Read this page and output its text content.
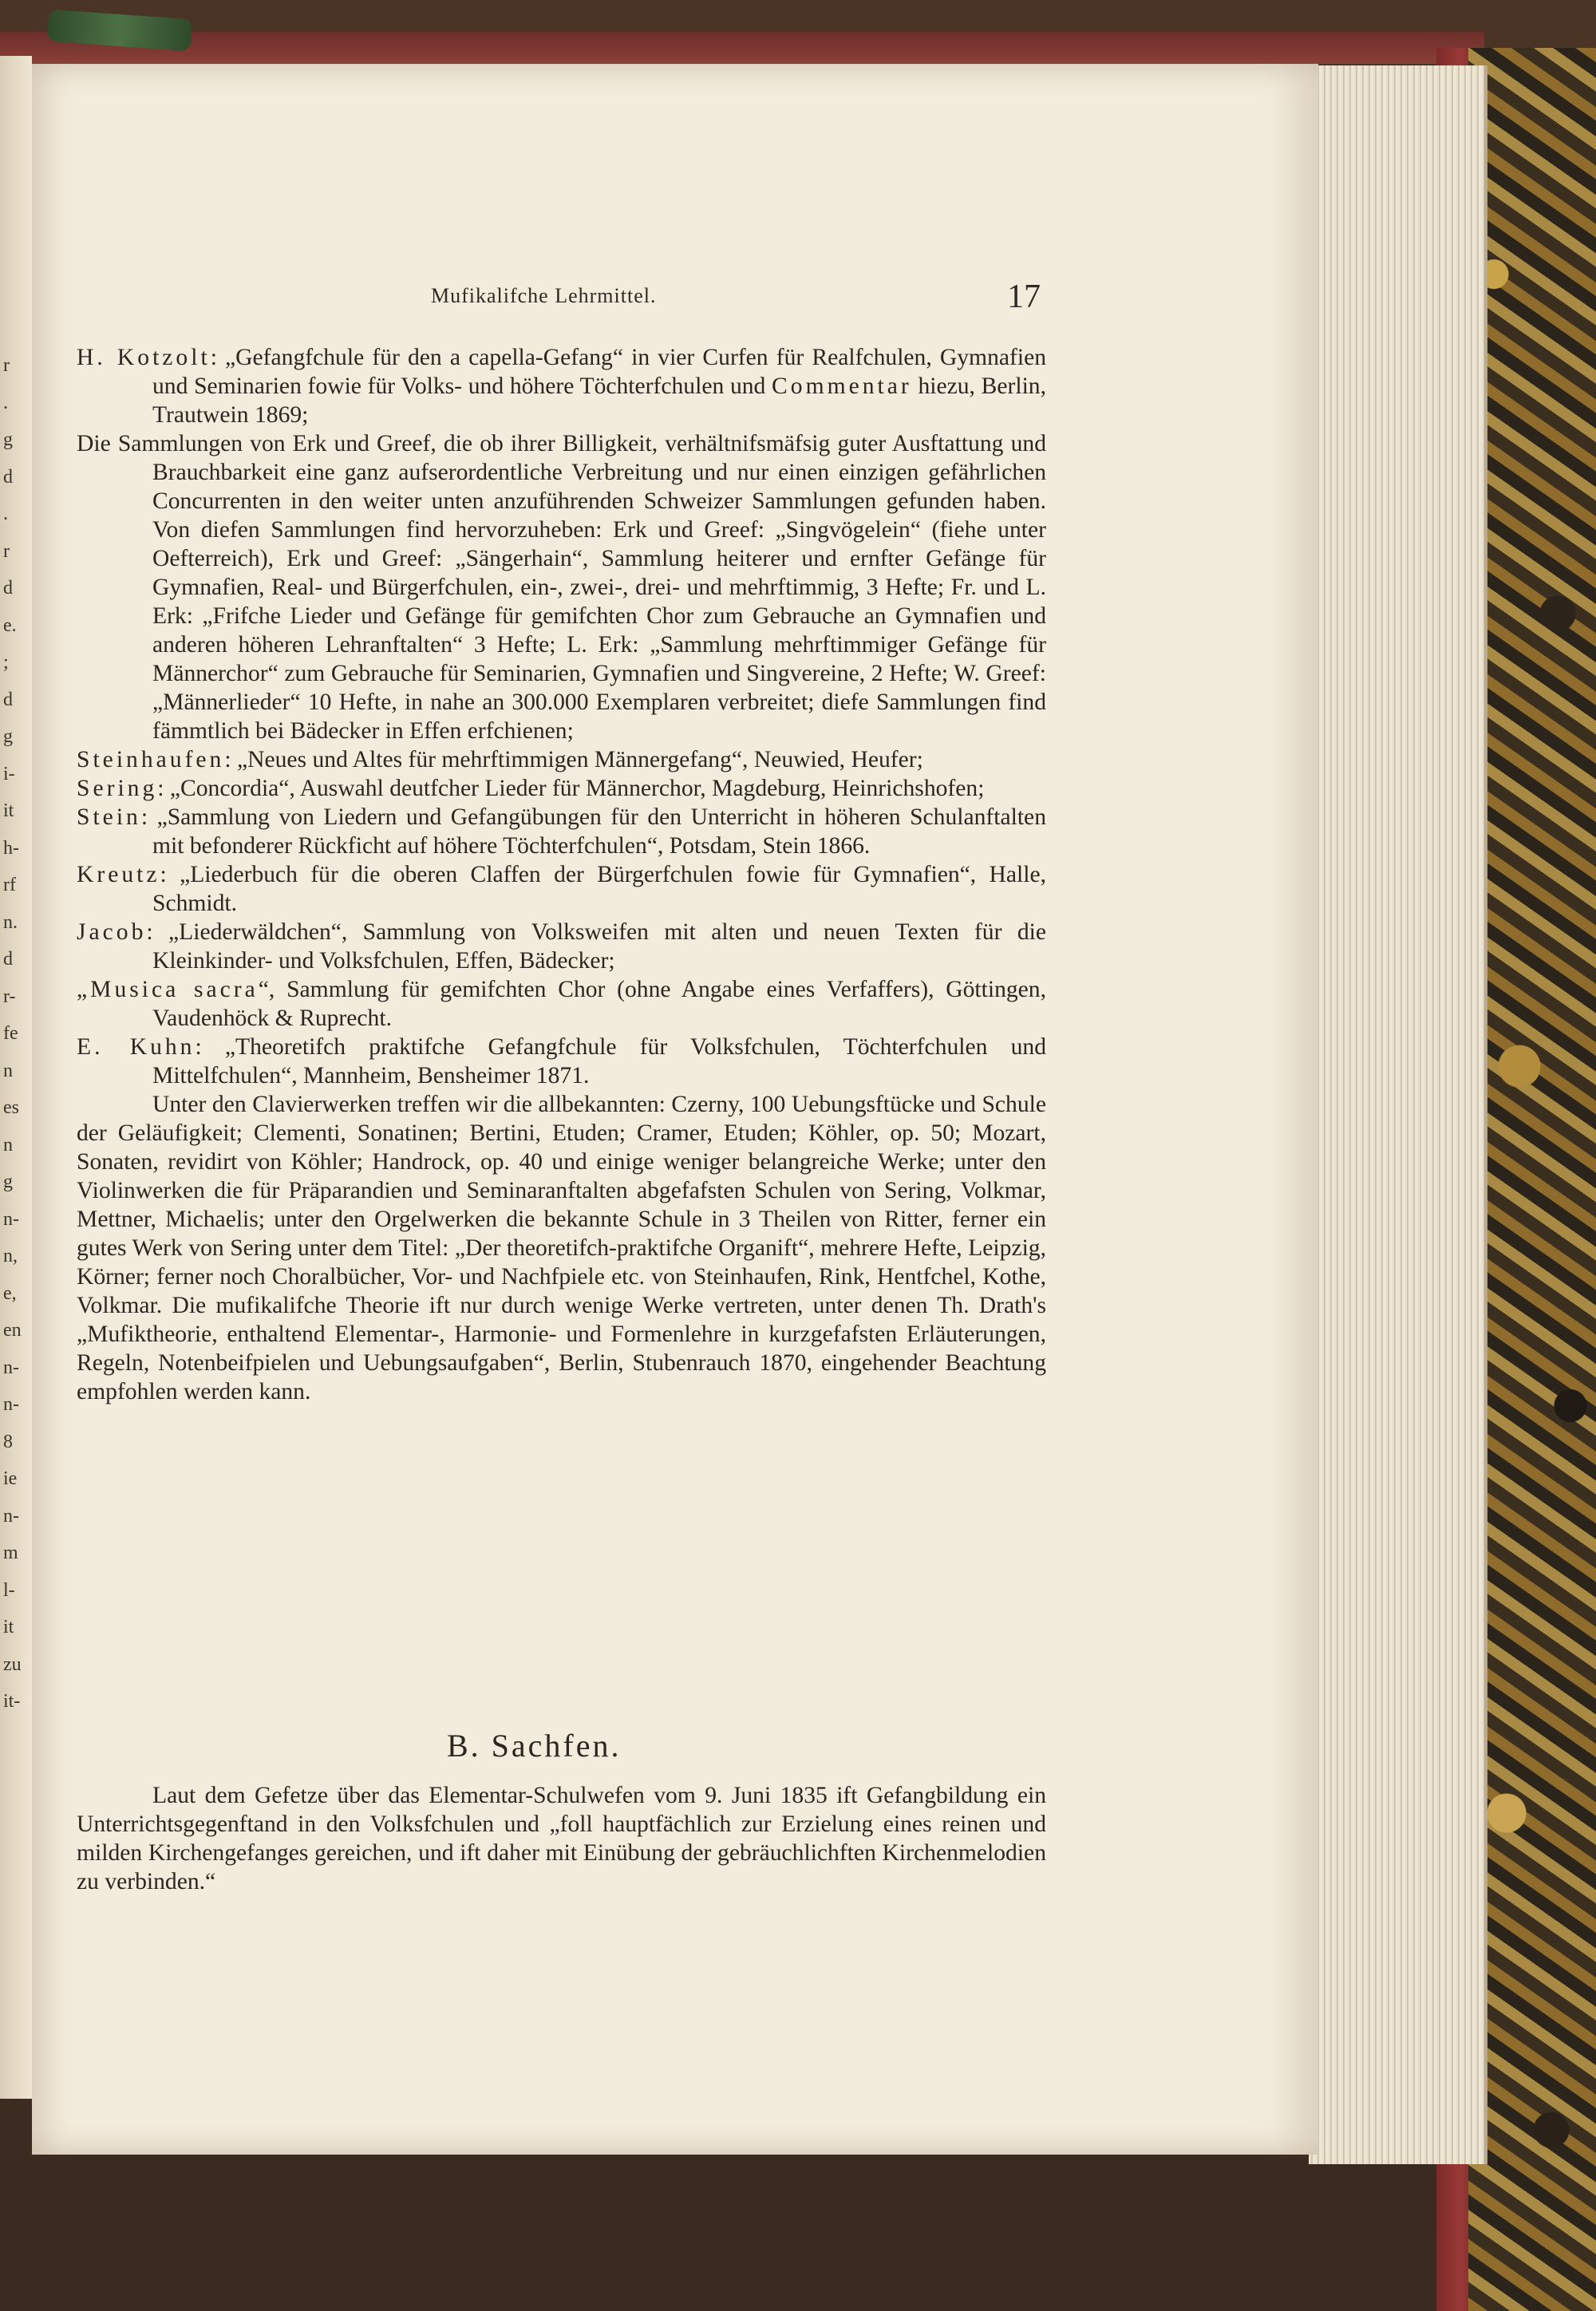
r
.
g
d
.
r
d
e.
;
d
g
i-
it
h-
rf
n.
d
r-
fe
n
es
n
g
n-
n,
e,
en
n-
n-
8
ie
n-
m
l-
it
zu
it-
Mufikalifche Lehrmittel.	17

H. Kotzolt: „Gefangfchule für den a capella-Gefang“ in vier Curfen für Realfchulen, Gymnafien und Seminarien fowie für Volks- und höhere Töchterfchulen und Commentar hiezu, Berlin, Trautwein 1869;

Die Sammlungen von Erk und Greef, die ob ihrer Billigkeit, verhältnifsmäfsig guter Ausftattung und Brauchbarkeit eine ganz aufserordentliche Verbreitung und nur einen einzigen gefährlichen Concurrenten in den weiter unten anzuführenden Schweizer Sammlungen gefunden haben. Von diefen Sammlungen find hervorzuheben: Erk und Greef: „Singvögelein“ (fiehe unter Oefterreich), Erk und Greef: „Sängerhain“, Sammlung heiterer und ernfter Gefänge für Gymnafien, Real- und Bürgerfchulen, ein-, zwei-, drei- und mehrftimmig, 3 Hefte; Fr. und L. Erk: „Frifche Lieder und Gefänge für gemifchten Chor zum Gebrauche an Gymnafien und anderen höheren Lehranftalten“ 3 Hefte; L. Erk: „Sammlung mehrftimmiger Gefänge für Männerchor“ zum Gebrauche für Seminarien, Gymnafien und Singvereine, 2 Hefte; W. Greef: „Männerlieder“ 10 Hefte, in nahe an 300.000 Exemplaren verbreitet; diefe Sammlungen find fämmtlich bei Bädecker in Effen erfchienen;

Steinhaufen: „Neues und Altes für mehrftimmigen Männergefang“, Neuwied, Heufer;

Sering: „Concordia“, Auswahl deutfcher Lieder für Männerchor, Magdeburg, Heinrichshofen;

Stein: „Sammlung von Liedern und Gefangübungen für den Unterricht in höheren Schulanftalten mit befonderer Rückficht auf höhere Töchterfchulen“, Potsdam, Stein 1866.

Kreutz: „Liederbuch für die oberen Claffen der Bürgerfchulen fowie für Gymnafien“, Halle, Schmidt.

Jacob: „Liederwäldchen“, Sammlung von Volksweifen mit alten und neuen Texten für die Kleinkinder- und Volksfchulen, Effen, Bädecker;

„Musica sacra“, Sammlung für gemifchten Chor (ohne Angabe eines Verfaffers), Göttingen, Vaudenhöck & Ruprecht.

E. Kuhn: „Theoretifch praktifche Gefangfchule für Volksfchulen, Töchterfchulen und Mittelfchulen“, Mannheim, Bensheimer 1871.

Unter den Clavierwerken treffen wir die allbekannten: Czerny, 100 Uebungsftücke und Schule der Geläufigkeit; Clementi, Sonatinen; Bertini, Etuden; Cramer, Etuden; Köhler, op. 50; Mozart, Sonaten, revidirt von Köhler; Handrock, op. 40 und einige weniger belangreiche Werke; unter den Violinwerken die für Präparandien und Seminaranftalten abgefafsten Schulen von Sering, Volkmar, Mettner, Michaelis; unter den Orgelwerken die bekannte Schule in 3 Theilen von Ritter, ferner ein gutes Werk von Sering unter dem Titel: „Der theoretifch-praktifche Organift“, mehrere Hefte, Leipzig, Körner; ferner noch Choralbücher, Vor- und Nachfpiele etc. von Steinhaufen, Rink, Hentfchel, Kothe, Volkmar. Die mufikalifche Theorie ift nur durch wenige Werke vertreten, unter denen Th. Drath's „Mufiktheorie, enthaltend Elementar-, Harmonie- und Formenlehre in kurzgefafsten Erläuterungen, Regeln, Notenbeifpielen und Uebungsaufgaben“, Berlin, Stubenrauch 1870, eingehender Beachtung empfohlen werden kann.

B. Sachfen.

Laut dem Gefetze über das Elementar-Schulwefen vom 9. Juni 1835 ift Gefangbildung ein Unterrichtsgegenftand in den Volksfchulen und „foll hauptfächlich zur Erzielung eines reinen und milden Kirchengefanges gereichen, und ift daher mit Einübung der gebräuchlichften Kirchenmelodien zu verbinden.“
